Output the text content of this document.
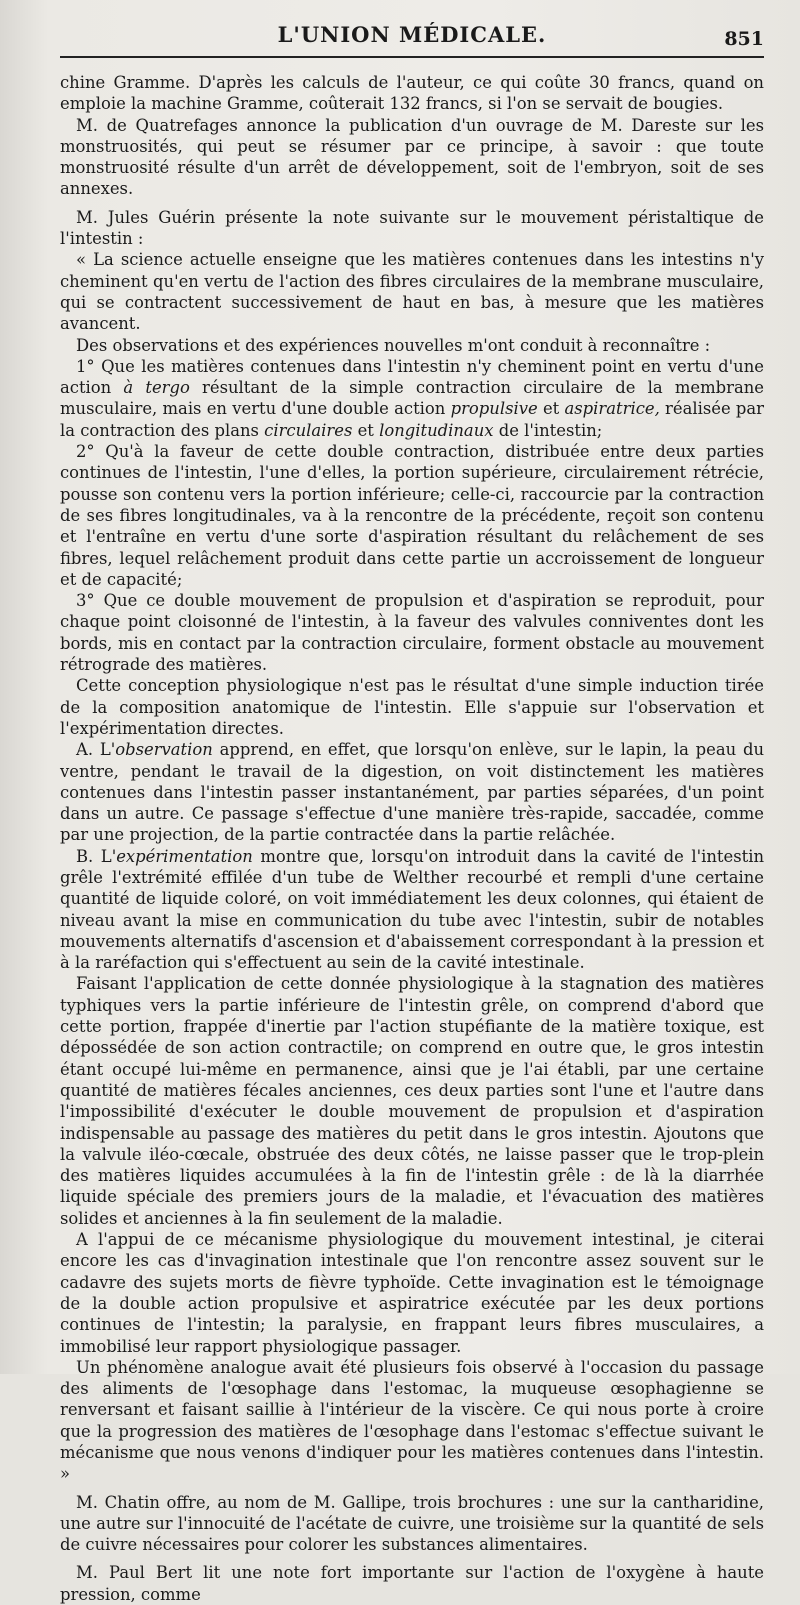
L'UNION MÉDICALE.	851

chine Gramme. D'après les calculs de l'auteur, ce qui coûte 30 francs, quand on emploie la machine Gramme, coûterait 132 francs, si l'on se servait de bougies.

M. de Quatrefages annonce la publication d'un ouvrage de M. Dareste sur les monstruosités, qui peut se résumer par ce principe, à savoir : que toute monstruosité résulte d'un arrêt de développement, soit de l'embryon, soit de ses annexes.

M. Jules Guérin présente la note suivante sur le mouvement péristaltique de l'intestin :

« La science actuelle enseigne que les matières contenues dans les intestins n'y cheminent qu'en vertu de l'action des fibres circulaires de la membrane musculaire, qui se contractent successivement de haut en bas, à mesure que les matières avancent.

Des observations et des expériences nouvelles m'ont conduit à reconnaître :

1° Que les matières contenues dans l'intestin n'y cheminent point en vertu d'une action à tergo résultant de la simple contraction circulaire de la membrane musculaire, mais en vertu d'une double action propulsive et aspiratrice, réalisée par la contraction des plans circulaires et longitudinaux de l'intestin;

2° Qu'à la faveur de cette double contraction, distribuée entre deux parties continues de l'intestin, l'une d'elles, la portion supérieure, circulairement rétrécie, pousse son contenu vers la portion inférieure; celle-ci, raccourcie par la contraction de ses fibres longitudinales, va à la rencontre de la précédente, reçoit son contenu et l'entraîne en vertu d'une sorte d'aspiration résultant du relâchement de ses fibres, lequel relâchement produit dans cette partie un accroissement de longueur et de capacité;

3° Que ce double mouvement de propulsion et d'aspiration se reproduit, pour chaque point cloisonné de l'intestin, à la faveur des valvules conniventes dont les bords, mis en contact par la contraction circulaire, forment obstacle au mouvement rétrograde des matières.

Cette conception physiologique n'est pas le résultat d'une simple induction tirée de la composition anatomique de l'intestin. Elle s'appuie sur l'observation et l'expérimentation directes.

A. L'observation apprend, en effet, que lorsqu'on enlève, sur le lapin, la peau du ventre, pendant le travail de la digestion, on voit distinctement les matières contenues dans l'intestin passer instantanément, par parties séparées, d'un point dans un autre. Ce passage s'effectue d'une manière très-rapide, saccadée, comme par une projection, de la partie contractée dans la partie relâchée.

B. L'expérimentation montre que, lorsqu'on introduit dans la cavité de l'intestin grêle l'extrémité effilée d'un tube de Welther recourbé et rempli d'une certaine quantité de liquide coloré, on voit immédiatement les deux colonnes, qui étaient de niveau avant la mise en communication du tube avec l'intestin, subir de notables mouvements alternatifs d'ascension et d'abaissement correspondant à la pression et à la raréfaction qui s'effectuent au sein de la cavité intestinale.

Faisant l'application de cette donnée physiologique à la stagnation des matières typhiques vers la partie inférieure de l'intestin grêle, on comprend d'abord que cette portion, frappée d'inertie par l'action stupéfiante de la matière toxique, est dépossédée de son action contractile; on comprend en outre que, le gros intestin étant occupé lui-même en permanence, ainsi que je l'ai établi, par une certaine quantité de matières fécales anciennes, ces deux parties sont l'une et l'autre dans l'impossibilité d'exécuter le double mouvement de propulsion et d'aspiration indispensable au passage des matières du petit dans le gros intestin. Ajoutons que la valvule iléo-cœcale, obstruée des deux côtés, ne laisse passer que le trop-plein des matières liquides accumulées à la fin de l'intestin grêle : de là la diarrhée liquide spéciale des premiers jours de la maladie, et l'évacuation des matières solides et anciennes à la fin seulement de la maladie.

A l'appui de ce mécanisme physiologique du mouvement intestinal, je citerai encore les cas d'invagination intestinale que l'on rencontre assez souvent sur le cadavre des sujets morts de fièvre typhoïde. Cette invagination est le témoignage de la double action propulsive et aspiratrice exécutée par les deux portions continues de l'intestin; la paralysie, en frappant leurs fibres musculaires, a immobilisé leur rapport physiologique passager.

Un phénomène analogue avait été plusieurs fois observé à l'occasion du passage des aliments de l'œsophage dans l'estomac, la muqueuse œsophagienne se renversant et faisant saillie à l'intérieur de la viscère. Ce qui nous porte à croire que la progression des matières de l'œsophage dans l'estomac s'effectue suivant le mécanisme que nous venons d'indiquer pour les matières contenues dans l'intestin. »

M. Chatin offre, au nom de M. Gallipe, trois brochures : une sur la cantharidine, une autre sur l'innocuité de l'acétate de cuivre, une troisième sur la quantité de sels de cuivre nécessaires pour colorer les substances alimentaires.

M. Paul Bert lit une note fort importante sur l'action de l'oxygène à haute pression, comme
